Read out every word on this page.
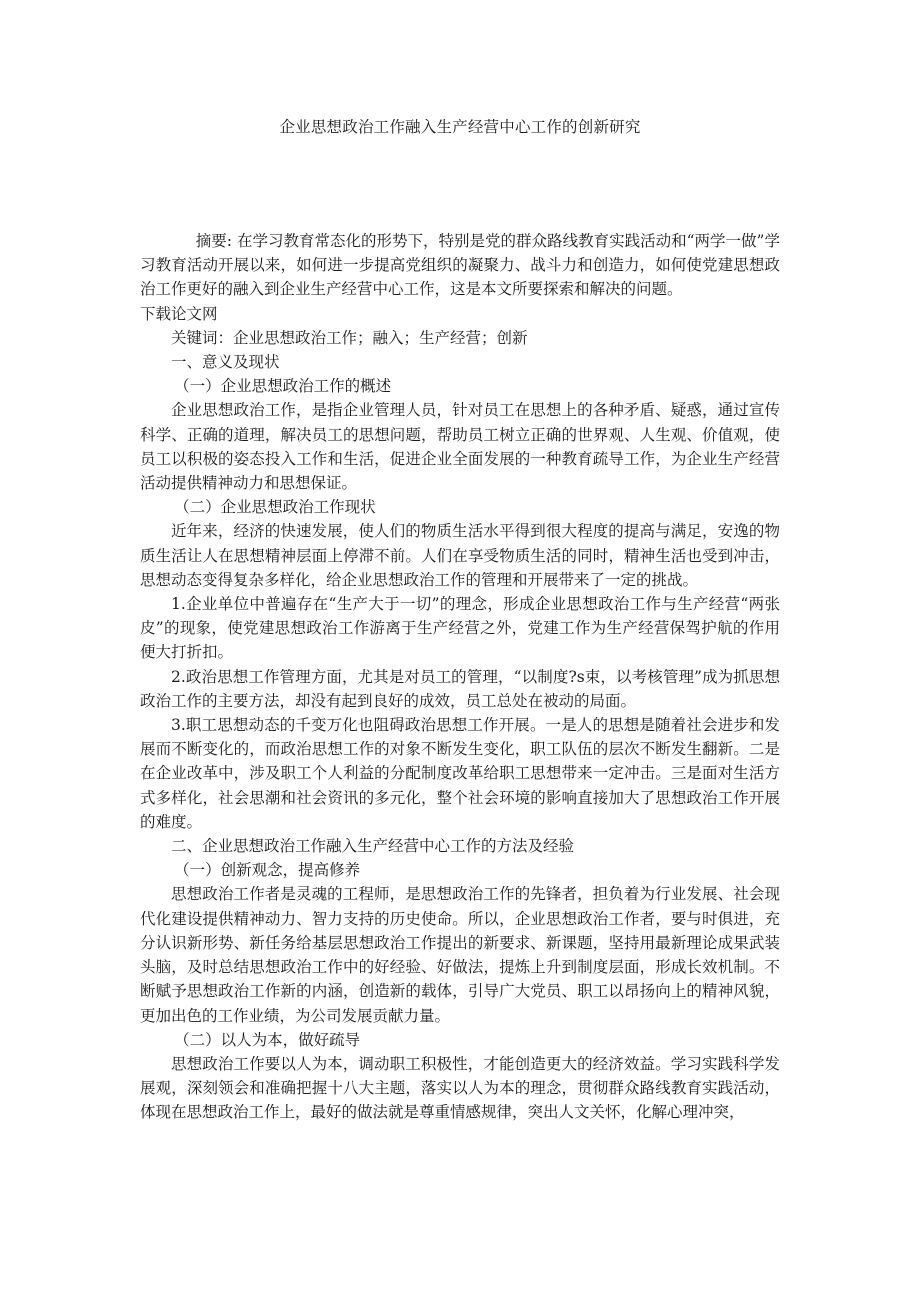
企业思想政治工作融入生产经营中心工作的创新研究

摘要: 在学习教育常态化的形势下，特别是党的群众路线教育实践活动和“两学一做”学习教育活动开展以来，如何进一步提高党组织的凝聚力、战斗力和创造力，如何使党建思想政治工作更好的融入到企业生产经营中心工作，这是本文所要探索和解决的问题。

下载论文网

关键词：企业思想政治工作；融入；生产经营；创新

一、意义及现状

（一）企业思想政治工作的概述

企业思想政治工作，是指企业管理人员，针对员工在思想上的各种矛盾、疑惑，通过宣传科学、正确的道理，解决员工的思想问题，帮助员工树立正确的世界观、人生观、价值观，使员工以积极的姿态投入工作和生活，促进企业全面发展的一种教育疏导工作，为企业生产经营活动提供精神动力和思想保证。

（二）企业思想政治工作现状

近年来，经济的快速发展，使人们的物质生活水平得到很大程度的提高与满足，安逸的物质生活让人在思想精神层面上停滞不前。人们在享受物质生活的同时，精神生活也受到冲击，思想动态变得复杂多样化，给企业思想政治工作的管理和开展带来了一定的挑战。

1.企业单位中普遍存在“生产大于一切”的理念，形成企业思想政治工作与生产经营“两张皮”的现象，使党建思想政治工作游离于生产经营之外，党建工作为生产经营保驾护航的作用便大打折扣。

2.政治思想工作管理方面，尤其是对员工的管理，“以制度?s束，以考核管理”成为抓思想政治工作的主要方法，却没有起到良好的成效，员工总处在被动的局面。

3.职工思想动态的千变万化也阻碍政治思想工作开展。一是人的思想是随着社会进步和发展而不断变化的，而政治思想工作的对象不断发生变化，职工队伍的层次不断发生翻新。二是在企业改革中，涉及职工个人利益的分配制度改革给职工思想带来一定冲击。三是面对生活方式多样化，社会思潮和社会资讯的多元化，整个社会环境的影响直接加大了思想政治工作开展的难度。

二、企业思想政治工作融入生产经营中心工作的方法及经验

（一）创新观念，提高修养

思想政治工作者是灵魂的工程师，是思想政治工作的先锋者，担负着为行业发展、社会现代化建设提供精神动力、智力支持的历史使命。所以，企业思想政治工作者，要与时俱进，充分认识新形势、新任务给基层思想政治工作提出的新要求、新课题，坚持用最新理论成果武装头脑，及时总结思想政治工作中的好经验、好做法，提炼上升到制度层面，形成长效机制。不断赋予思想政治工作新的内涵，创造新的载体，引导广大党员、职工以昂扬向上的精神风貌，更加出色的工作业绩，为公司发展贡献力量。

（二）以人为本，做好疏导

思想政治工作要以人为本，调动职工积极性，才能创造更大的经济效益。学习实践科学发展观，深刻领会和准确把握十八大主题，落实以人为本的理念，贯彻群众路线教育实践活动，体现在思想政治工作上，最好的做法就是尊重情感规律，突出人文关怀，化解心理冲突，
